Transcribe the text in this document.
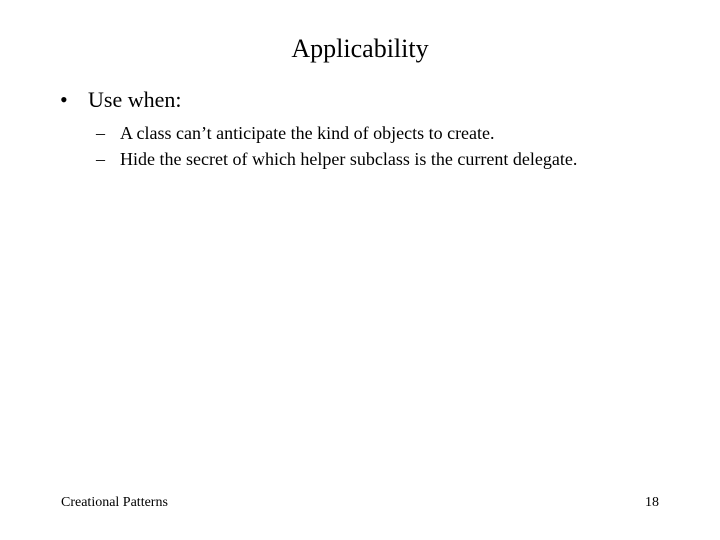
Applicability
• Use when:
– A class can’t anticipate the kind of objects to create.
– Hide the secret of which helper subclass is the current delegate.
Creational Patterns	18
